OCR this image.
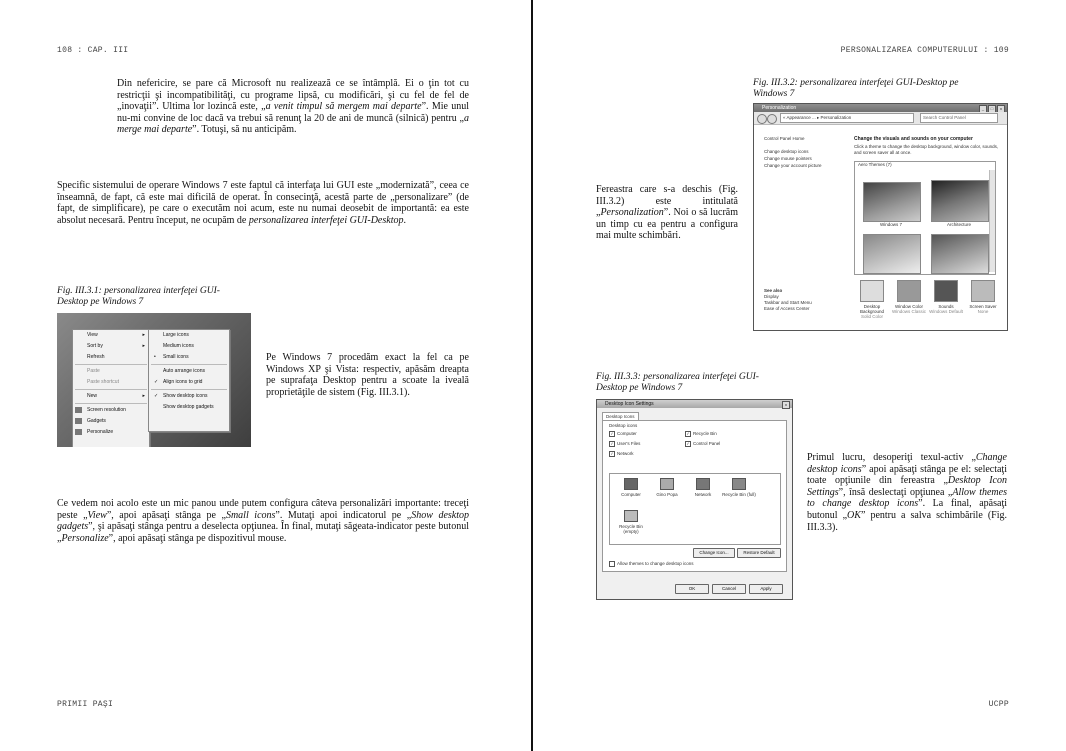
108 : CAP. III

Din nefericire, se pare că Microsoft nu realizează ce se întâmplă. Ei o ţin tot cu restricţii şi incompatibilităţi, cu programe lipsă, cu modificări, şi cu fel de fel de „inovaţii”. Ultima lor lozincă este, „a venit timpul să mergem mai departe”. Mie unul nu-mi convine de loc dacă va trebui să renunţ la 20 de ani de muncă (silnică) pentru „a merge mai departe”. Totuşi, să nu anticipăm.

Specific sistemului de operare Windows 7 este faptul că interfaţa lui GUI este „modernizată”, ceea ce înseamnă, de fapt, că este mai dificilă de operat. În consecinţă, acestă parte de „personalizare” (de fapt, de simplificare), pe care o executăm noi acum, este nu numai deosebit de importantă: ea este absolut necesară. Pentru început, ne ocupăm de personalizarea interfeţei GUI-Desktop.

Fig. III.3.1: personalizarea interfeţei GUI-Desktop pe Windows 7

View	▸
Sort by	▸
Refresh
Paste
Paste shortcut
New	▸
Screen resolution
Gadgets
Personalize
Large icons
Medium icons
• Small icons
Auto arrange icons
✓ Align icons to grid
✓ Show desktop icons
Show desktop gadgets

Pe Windows 7 procedăm exact la fel ca pe Windows XP şi Vista: respectiv, apăsăm dreapta pe suprafaţa Desktop pentru a scoate la iveală proprietăţile de sistem (Fig. III.3.1).

Ce vedem noi acolo este un mic panou unde putem configura câteva personalizări importante: treceţi peste „View”, apoi apăsaţi stânga pe „Small icons”. Mutaţi apoi indicatorul pe „Show desktop gadgets”, şi apăsaţi stânga pentru a deselecta opţiunea. În final, mutaţi săgeata-indicator peste butonul „Personalize”, apoi apăsaţi stânga pe dispozitivul mouse.

PRIMII PAŞI
PERSONALIZAREA COMPUTERULUI : 109

Fig. III.3.2: personalizarea interfeţei GUI-Desktop pe Windows 7

Personalization	_ □ x
« Appearance ... ▸ Personalization	Search Control Panel
Control Panel Home
Change desktop icons
Change mouse pointers
Change your account picture
Change the visuals and sounds on your computer
Click a theme to change the desktop background, window color, sounds, and screen saver all at once.
Aero Themes (7)
Windows 7	Architecture
See also
Display
Taskbar and Start Menu
Ease of Access Center	Desktop Background
Solid Color
Window Color
Windows Classic
Sounds
Windows Default
Screen Saver
None

Fereastra care s-a deschis (Fig. III.3.2) este intitulată „Personalization”. Noi o să lucrăm un timp cu ea pentru a configura mai multe schimbări.

Fig. III.3.3: personalizarea interfeţei GUI-Desktop pe Windows 7

Desktop Icon Settings	x
Desktop Icons
Desktop icons
✓ Computer	✓ Recycle Bin
✓ User's Files	✓ Control Panel
✓ Network
Computer	Gino Popa	Network	Recycle Bin (full)
Recycle Bin (empty)
Change Icon...	Restore Default
Allow themes to change desktop icons
OK	Cancel	Apply

Primul lucru, desoperiţi texul-activ „Change desktop icons” apoi apăsaţi stânga pe el: selectaţi toate opţiunile din fereastra „Desktop Icon Settings”, însă deslectaţi opţiunea „Allow themes to change desktop icons”. La final, apăsaţi butonul „OK” pentru a salva schimbările (Fig. III.3.3).

UCPP
